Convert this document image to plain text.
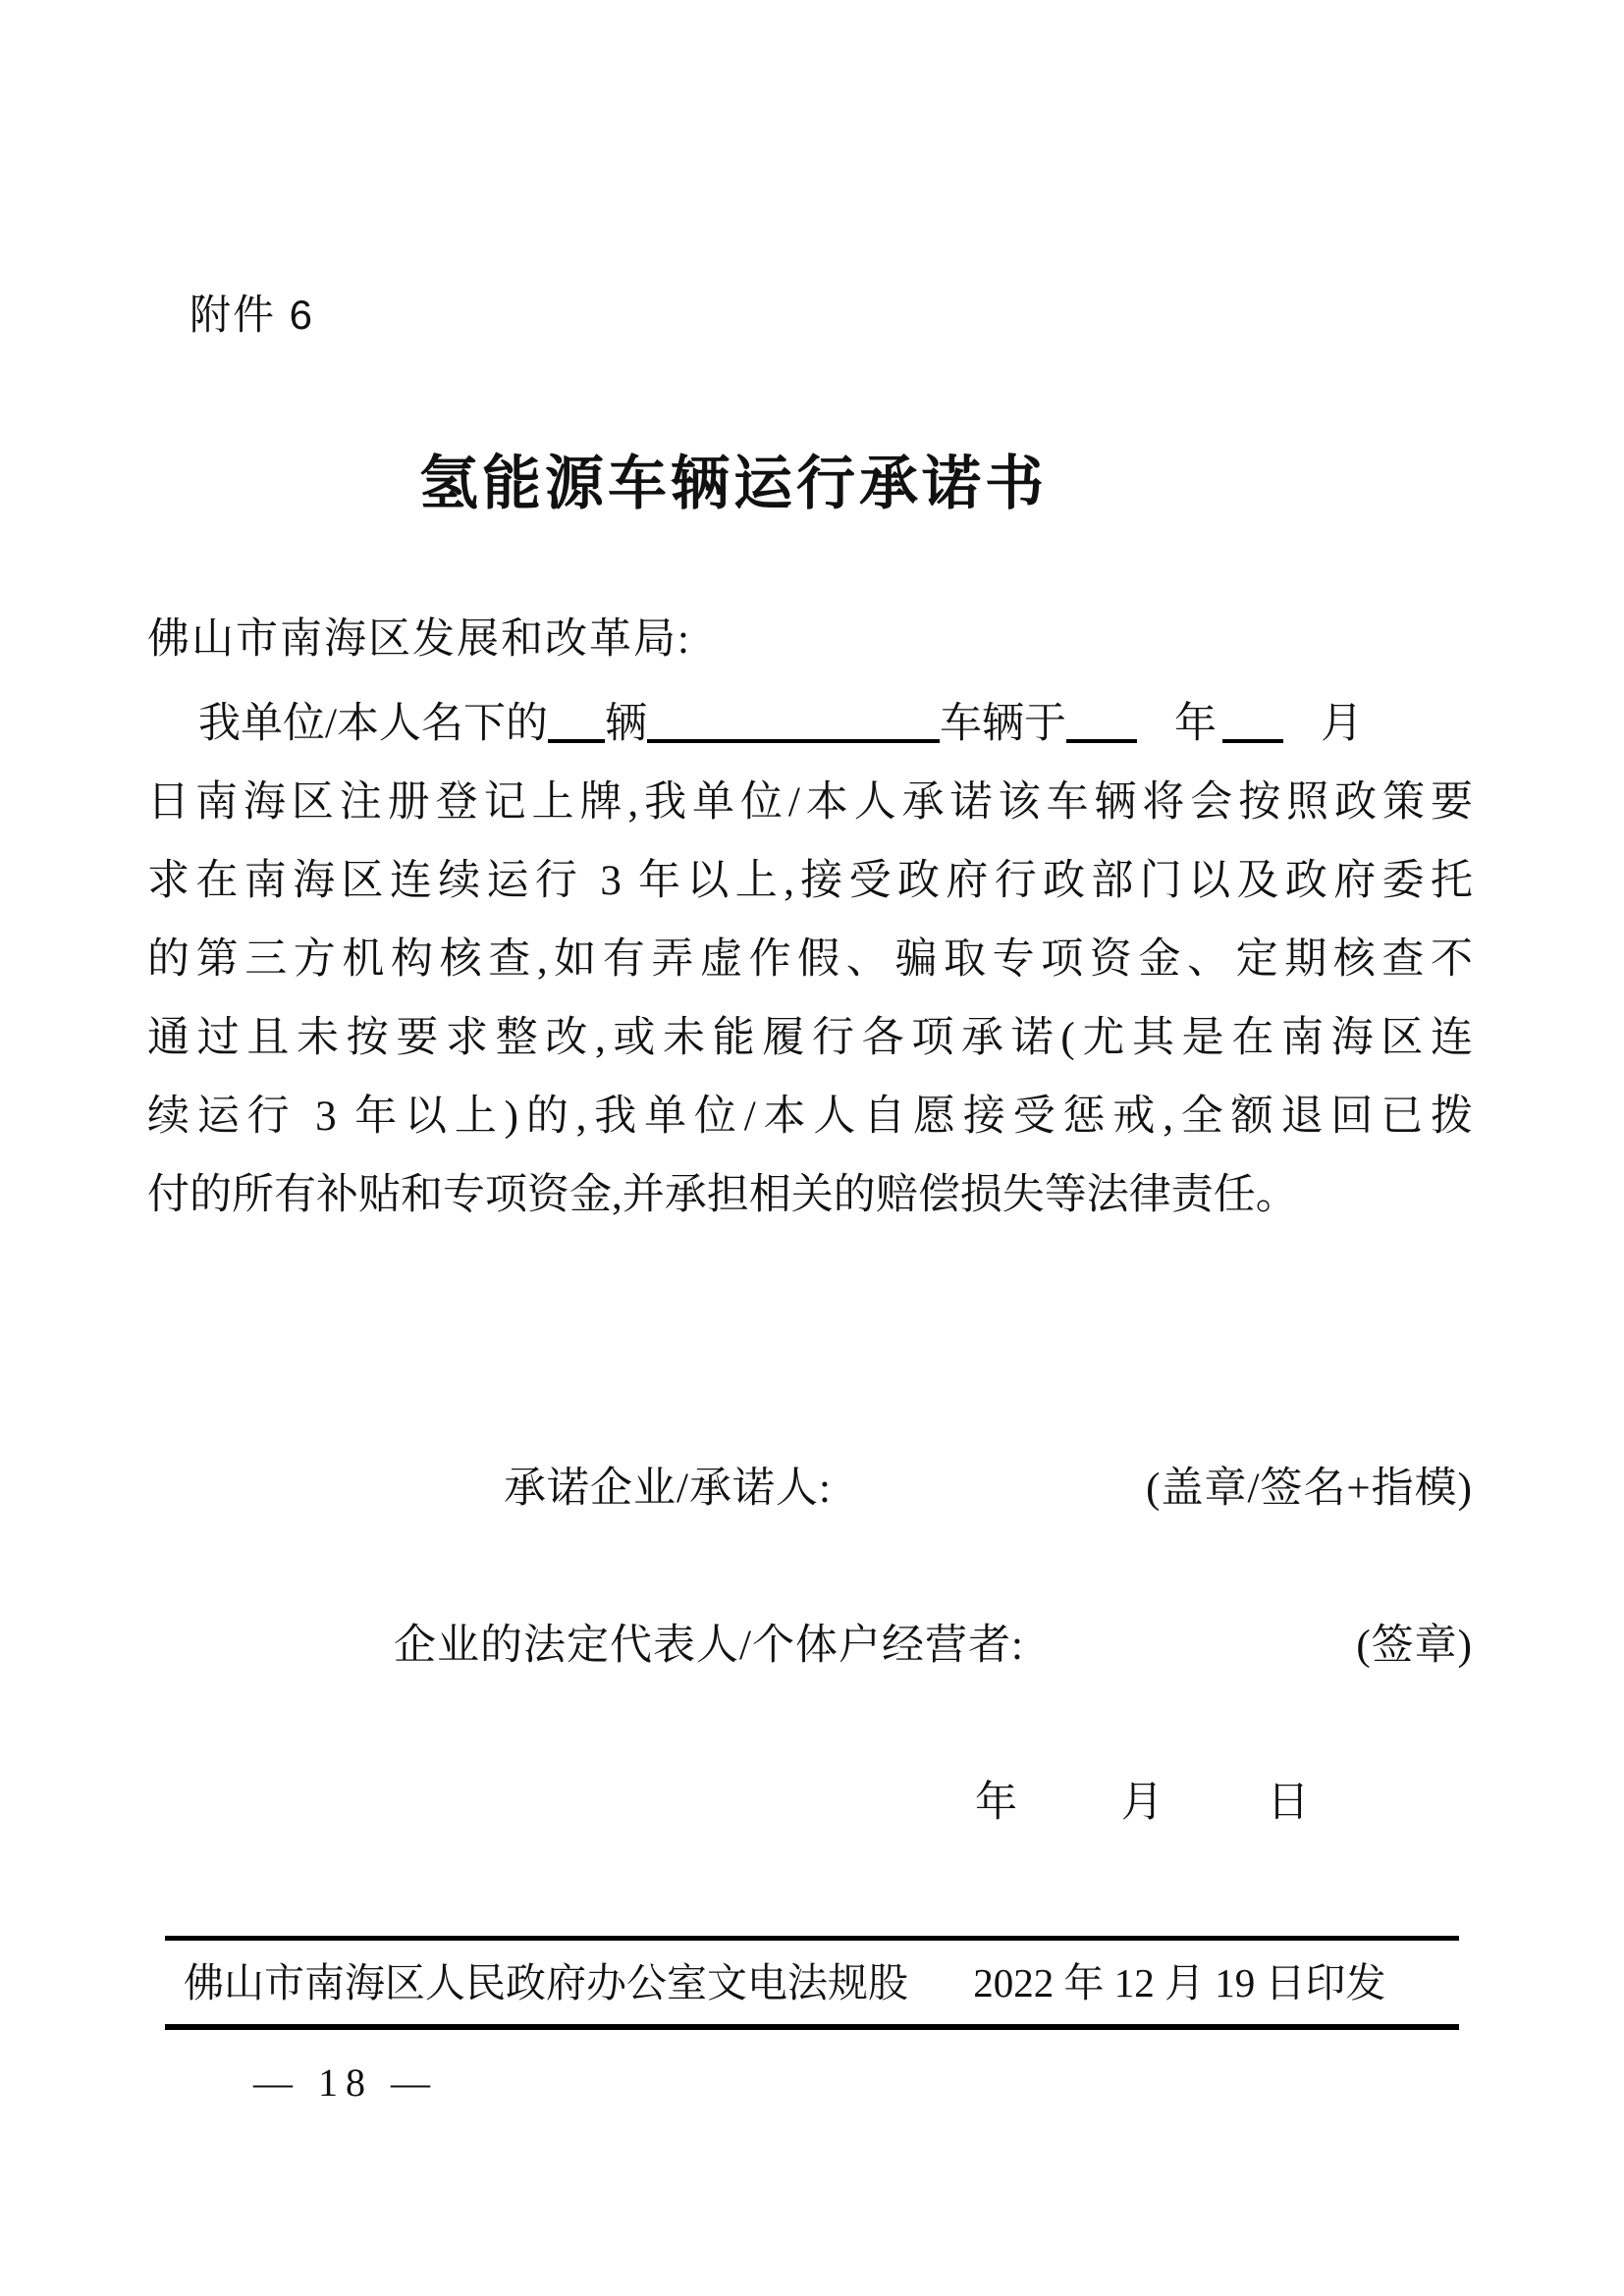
附件 6
氢能源车辆运行承诺书
佛山市南海区发展和改革局:
我单位/本人名下的 辆	车辆于	年 月
日南海区注册登记上牌,我单位/本人承诺该车辆将会按照政策要
求在南海区连续运行 3 年以上,接受政府行政部门以及政府委托
的第三方机构核查,如有弄虚作假、骗取专项资金、定期核查不
通过且未按要求整改,或未能履行各项承诺(尤其是在南海区连
续运行 3 年以上)的,我单位/本人自愿接受惩戒,全额退回已拨
付的所有补贴和专项资金,并承担相关的赔偿损失等法律责任。
承诺企业/承诺人:	(盖章/签名+指模)
企业的法定代表人/个体户经营者:	(签章)
年 月 日
佛山市南海区人民政府办公室文电法规股 2022 年 12 月 19 日印发
— 18 —
